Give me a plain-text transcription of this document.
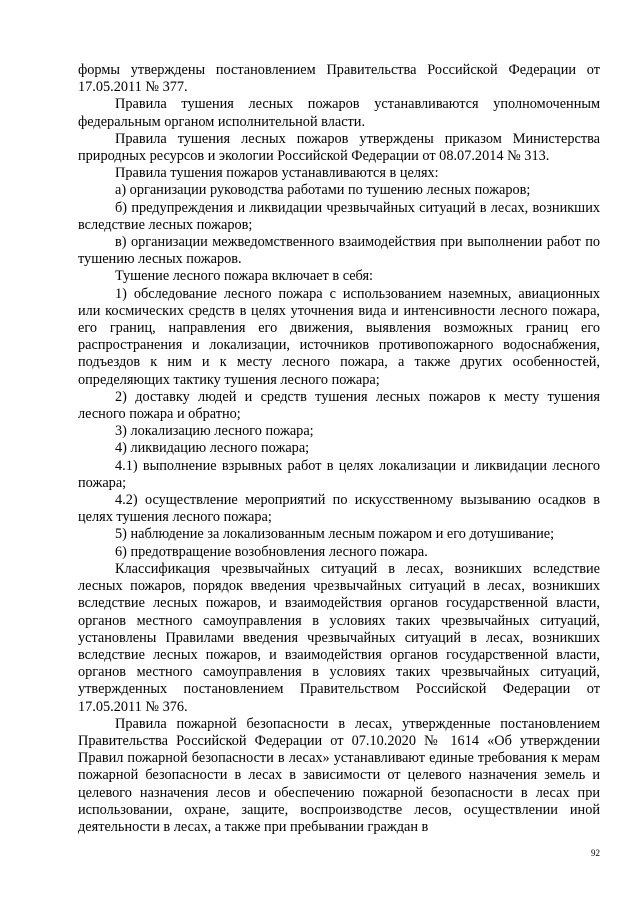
формы утверждены постановлением Правительства Российской Федерации от 17.05.2011 № 377.

Правила тушения лесных пожаров устанавливаются уполномоченным федеральным органом исполнительной власти.

Правила тушения лесных пожаров утверждены приказом Министерства природных ресурсов и экологии Российской Федерации от 08.07.2014 № 313.

Правила тушения пожаров устанавливаются в целях:

а) организации руководства работами по тушению лесных пожаров;

б) предупреждения и ликвидации чрезвычайных ситуаций в лесах, возникших вследствие лесных пожаров;

в) организации межведомственного взаимодействия при выполнении работ по тушению лесных пожаров.

Тушение лесного пожара включает в себя:

1) обследование лесного пожара с использованием наземных, авиационных или космических средств в целях уточнения вида и интенсивности лесного пожара, его границ, направления его движения, выявления возможных границ его распространения и локализации, источников противопожарного водоснабжения, подъездов к ним и к месту лесного пожара, а также других особенностей, определяющих тактику тушения лесного пожара;

2) доставку людей и средств тушения лесных пожаров к месту тушения лесного пожара и обратно;

3) локализацию лесного пожара;

4) ликвидацию лесного пожара;

4.1) выполнение взрывных работ в целях локализации и ликвидации лесного пожара;

4.2) осуществление мероприятий по искусственному вызыванию осадков в целях тушения лесного пожара;

5) наблюдение за локализованным лесным пожаром и его дотушивание;

6) предотвращение возобновления лесного пожара.

Классификация чрезвычайных ситуаций в лесах, возникших вследствие лесных пожаров, порядок введения чрезвычайных ситуаций в лесах, возникших вследствие лесных пожаров, и взаимодействия органов государственной власти, органов местного самоуправления в условиях таких чрезвычайных ситуаций, установлены Правилами введения чрезвычайных ситуаций в лесах, возникших вследствие лесных пожаров, и взаимодействия органов государственной власти, органов местного самоуправления в условиях таких чрезвычайных ситуаций, утвержденных постановлением Правительством Российской Федерации от 17.05.2011 № 376.

Правила пожарной безопасности в лесах, утвержденные постановлением Правительства Российской Федерации от 07.10.2020 № 1614 «Об утверждении Правил пожарной безопасности в лесах» устанавливают единые требования к мерам пожарной безопасности в лесах в зависимости от целевого назначения земель и целевого назначения лесов и обеспечению пожарной безопасности в лесах при использовании, охране, защите, воспроизводстве лесов, осуществлении иной деятельности в лесах, а также при пребывании граждан в

92
